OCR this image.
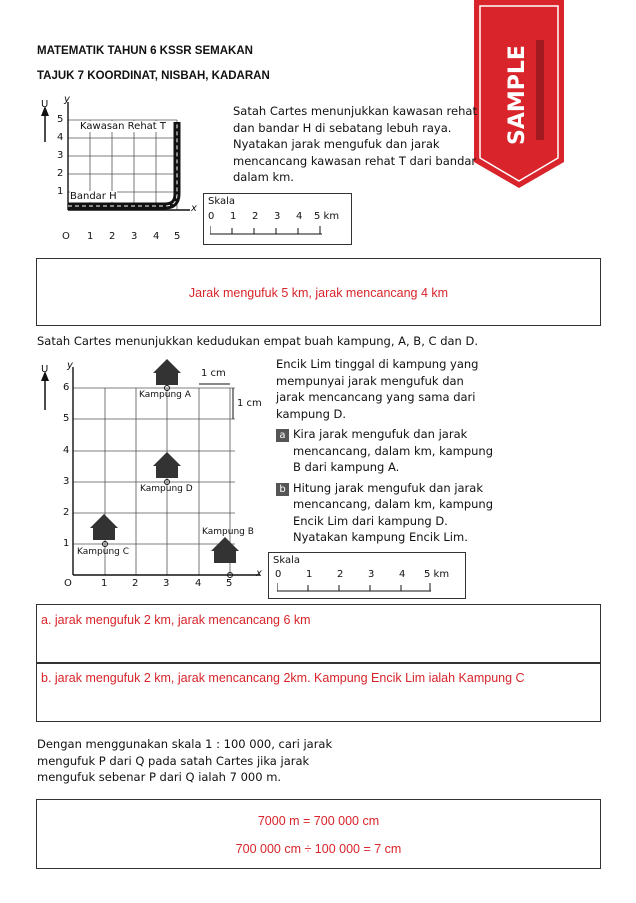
MATEMATIK TAHUN 6 KSSR SEMAKAN
TAJUK 7 KOORDINAT, NISBAH, KADARAN	SAMPLE
U y
x
O 1 2 3 4 5
5
4
3
2
1
Kawasan Rehat T
Bandar H
Satah Cartes menunjukkan kawasan rehat
dan bandar H di sebatang lebuh raya.
Nyatakan jarak mengufuk dan jarak
mencancang kawasan rehat T dari bandar
dalam km.
Skala
0 1 2 3 4 5 km
Jarak mengufuk 5 km, jarak mencancang 4 km
Satah Cartes menunjukkan kedudukan empat buah kampung, A, B, C dan D.
U y
x
O	1 2 3	4 5
6
5
4
3
2
1
1 cm
1 cm
Kampung A
Kampung B
Kampung C
Kampung D
Encik Lim tinggal di kampung yang
mempunyai jarak mengufuk dan
jarak mencancang yang sama dari
kampung D.
a Kira jarak mengufuk dan jarak
mencancang, dalam km, kampung
B dari kampung A.
b Hitung jarak mengufuk dan jarak
mencancang, dalam km, kampung
Encik Lim dari kampung D.
Nyatakan kampung Encik Lim.
Skala
0 1 2 3 4 5 km
a. jarak mengufuk 2 km, jarak mencancang 6 km
b. jarak mengufuk 2 km, jarak mencancang 2km. Kampung Encik Lim ialah Kampung C
Dengan menggunakan skala 1 : 100 000, cari jarak
mengufuk P dari Q pada satah Cartes jika jarak
mengufuk sebenar P dari Q ialah 7 000 m.
7000 m = 700 000 cm
700 000 cm ÷ 100 000 = 7 cm
